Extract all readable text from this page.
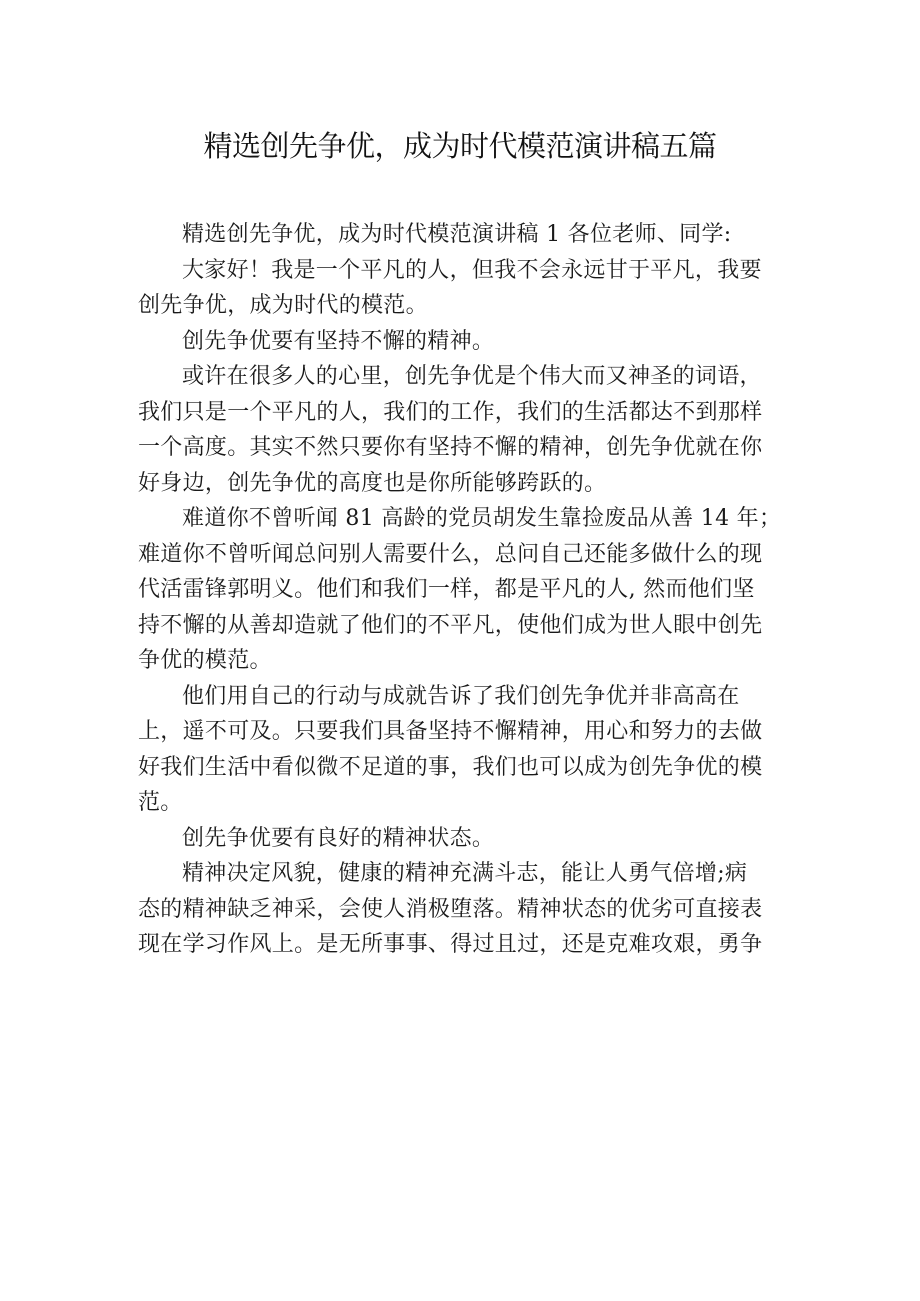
精选创先争优，成为时代模范演讲稿五篇

精选创先争优，成为时代模范演讲稿 1 各位老师、同学:

大家好！我是一个平凡的人，但我不会永远甘于平凡，我要
创先争优，成为时代的模范。

创先争优要有坚持不懈的精神。

或许在很多人的心里，创先争优是个伟大而又神圣的词语，
我们只是一个平凡的人，我们的工作，我们的生活都达不到那样
一个高度。其实不然只要你有坚持不懈的精神，创先争优就在你
好身边，创先争优的高度也是你所能够跨跃的。

难道你不曾听闻 81 高龄的党员胡发生靠捡废品从善 14 年；
难道你不曾听闻总问别人需要什么，总问自己还能多做什么的现
代活雷锋郭明义。他们和我们一样，都是平凡的人, 然而他们坚
持不懈的从善却造就了他们的不平凡，使他们成为世人眼中创先
争优的模范。

他们用自己的行动与成就告诉了我们创先争优并非高高在
上，遥不可及。只要我们具备坚持不懈精神，用心和努力的去做
好我们生活中看似微不足道的事，我们也可以成为创先争优的模
范。

创先争优要有良好的精神状态。

精神决定风貌，健康的精神充满斗志，能让人勇气倍增;病
态的精神缺乏神采，会使人消极堕落。精神状态的优劣可直接表
现在学习作风上。是无所事事、得过且过，还是克难攻艰，勇争
